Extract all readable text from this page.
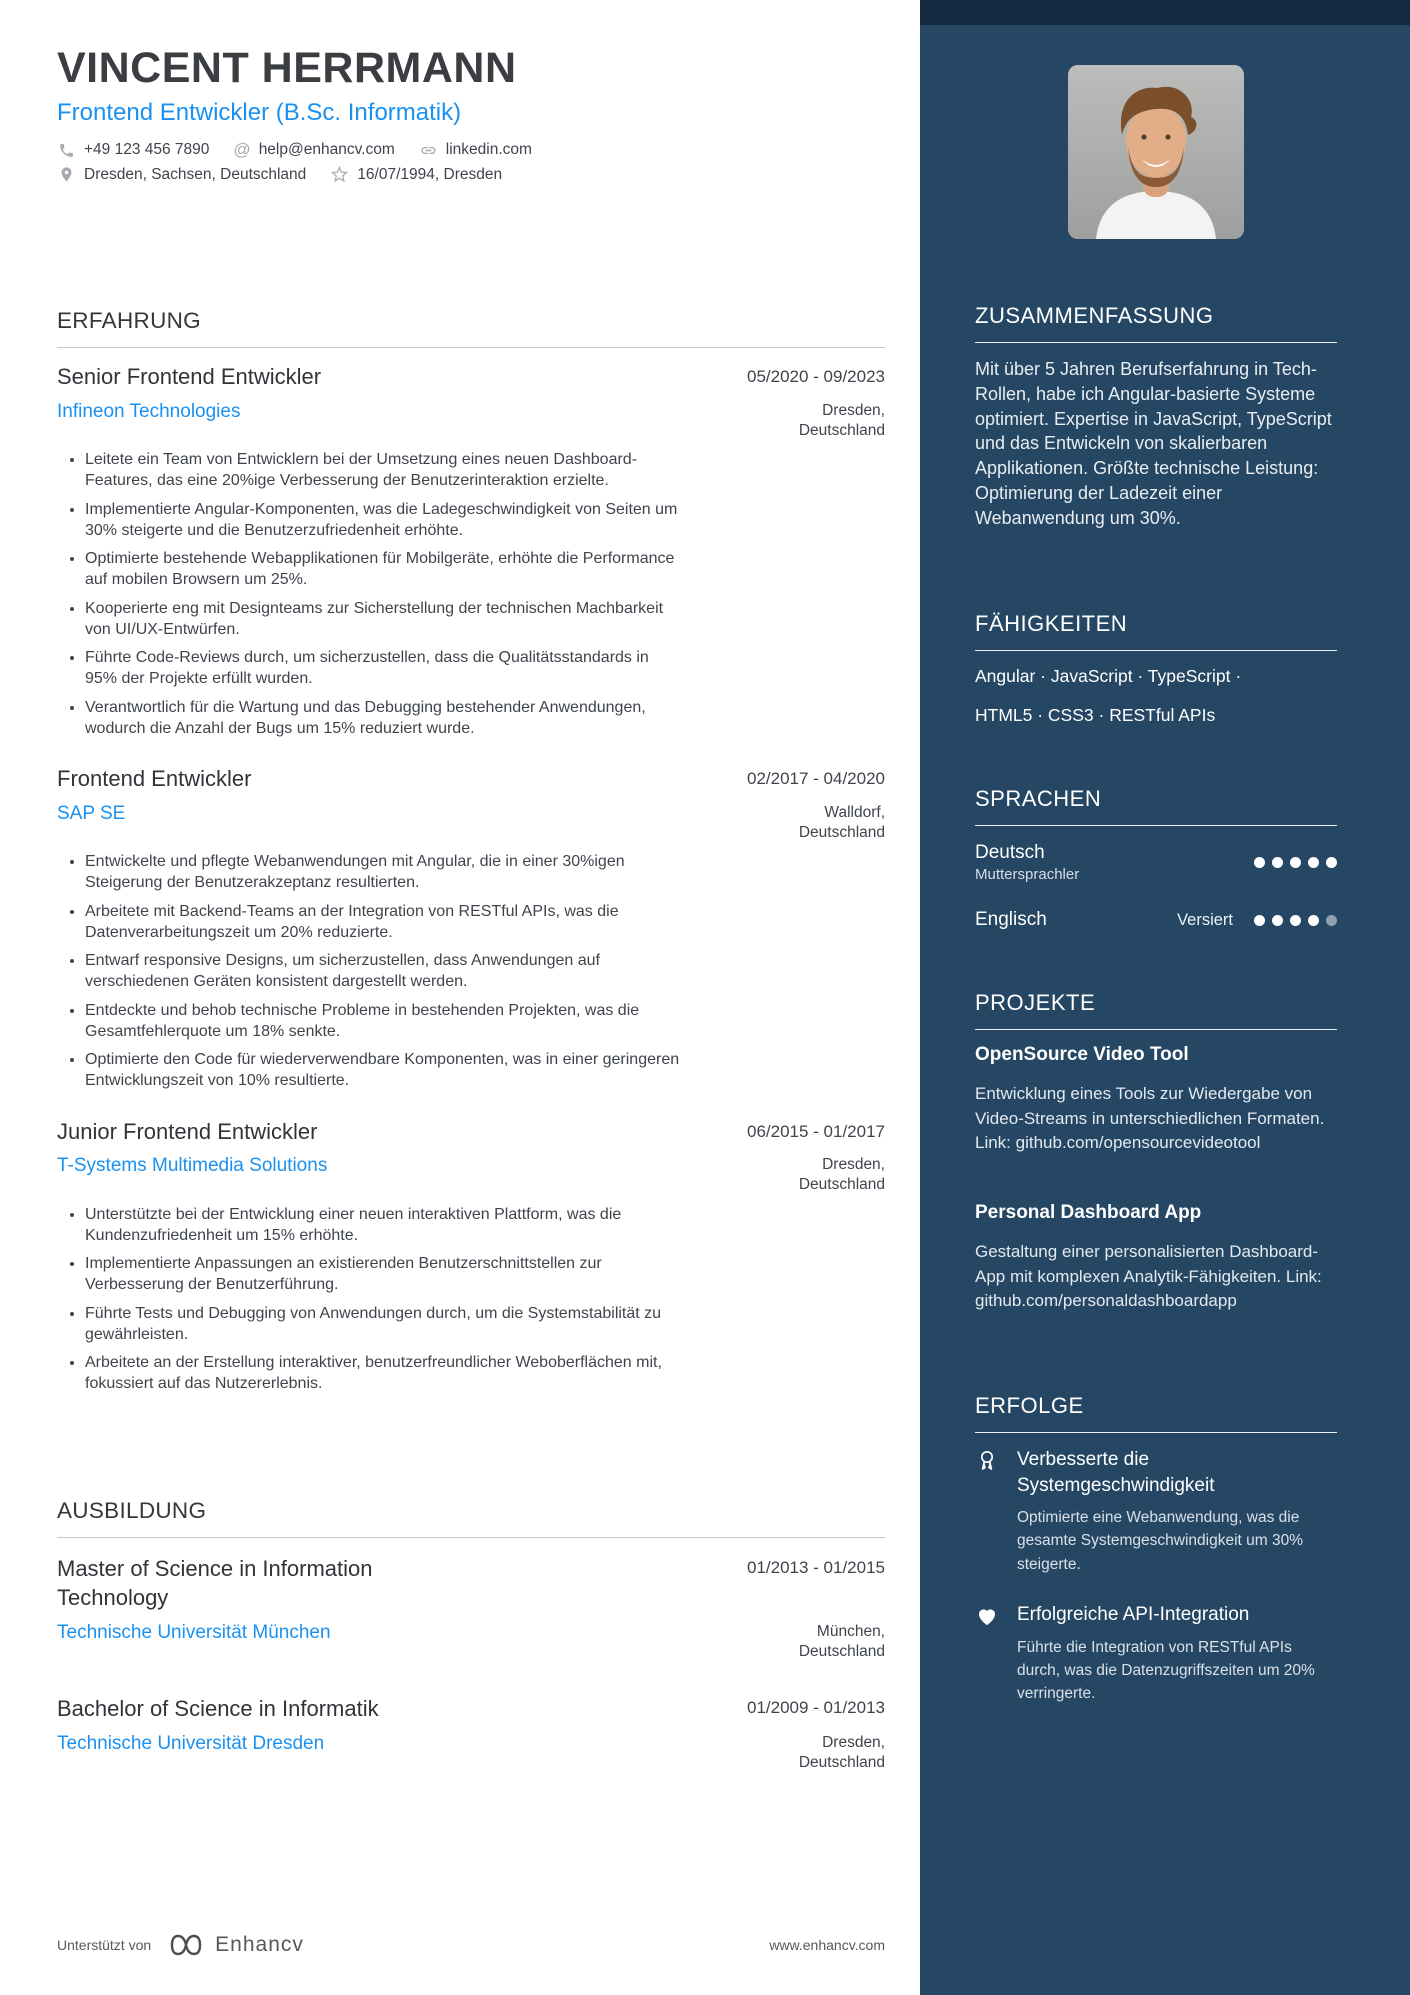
VINCENT HERRMANN
Frontend Entwickler (B.Sc. Informatik)
+49 123 456 7890 @ help@enhancv.com	linkedin.com
Dresden, Sachsen, Deutschland	16/07/1994, Dresden
ERFAHRUNG
Senior Frontend Entwickler	05/2020 - 09/2023
Infineon Technologies	Dresden, Deutschland
• Leitete ein Team von Entwicklern bei der Umsetzung eines neuen Dashboard-Features, das eine 20%ige Verbesserung der Benutzerinteraktion erzielte.
• Implementierte Angular-Komponenten, was die Ladegeschwindigkeit von Seiten um 30% steigerte und die Benutzerzufriedenheit erhöhte.
• Optimierte bestehende Webapplikationen für Mobilgeräte, erhöhte die Performance auf mobilen Browsern um 25%.
• Kooperierte eng mit Designteams zur Sicherstellung der technischen Machbarkeit von UI/UX-Entwürfen.
• Führte Code-Reviews durch, um sicherzustellen, dass die Qualitätsstandards in 95% der Projekte erfüllt wurden.
• Verantwortlich für die Wartung und das Debugging bestehender Anwendungen, wodurch die Anzahl der Bugs um 15% reduziert wurde.
Frontend Entwickler	02/2017 - 04/2020
SAP SE	Walldorf, Deutschland
• Entwickelte und pflegte Webanwendungen mit Angular, die in einer 30%igen Steigerung der Benutzerakzeptanz resultierten.
• Arbeitete mit Backend-Teams an der Integration von RESTful APIs, was die Datenverarbeitungszeit um 20% reduzierte.
• Entwarf responsive Designs, um sicherzustellen, dass Anwendungen auf verschiedenen Geräten konsistent dargestellt werden.
• Entdeckte und behob technische Probleme in bestehenden Projekten, was die Gesamtfehlerquote um 18% senkte.
• Optimierte den Code für wiederverwendbare Komponenten, was in einer geringeren Entwicklungszeit von 10% resultierte.
Junior Frontend Entwickler	06/2015 - 01/2017
T-Systems Multimedia Solutions	Dresden, Deutschland
• Unterstützte bei der Entwicklung einer neuen interaktiven Plattform, was die Kundenzufriedenheit um 15% erhöhte.
• Implementierte Anpassungen an existierenden Benutzerschnittstellen zur Verbesserung der Benutzerführung.
• Führte Tests und Debugging von Anwendungen durch, um die Systemstabilität zu gewährleisten.
• Arbeitete an der Erstellung interaktiver, benutzerfreundlicher Weboberflächen mit, fokussiert auf das Nutzererlebnis.
AUSBILDUNG
Master of Science in Information Technology
01/2013 - 01/2015
Technische Universität München	München, Deutschland
Bachelor of Science in Informatik	01/2009 - 01/2013
Technische Universität Dresden	Dresden, Deutschland
ZUSAMMENFASSUNG
Mit über 5 Jahren Berufserfahrung in Tech-Rollen, habe ich Angular-basierte Systeme optimiert. Expertise in JavaScript, TypeScript und das Entwickeln von skalierbaren Applikationen. Größte technische Leistung: Optimierung der Ladezeit einer Webanwendung um 30%.
FÄHIGKEITEN
Angular · JavaScript · TypeScript ·
HTML5 · CSS3 · RESTful APIs
SPRACHEN
Deutsch
Muttersprachler
Englisch	Versiert
PROJEKTE
OpenSource Video Tool
Entwicklung eines Tools zur Wiedergabe von Video-Streams in unterschiedlichen Formaten. Link: github.com/opensourcevideotool
Personal Dashboard App
Gestaltung einer personalisierten Dashboard-App mit komplexen Analytik-Fähigkeiten. Link: github.com/personaldashboardapp
ERFOLGE
Verbesserte die Systemgeschwindigkeit
Optimierte eine Webanwendung, was die gesamte Systemgeschwindigkeit um 30% steigerte.
Erfolgreiche API-Integration
Führte die Integration von RESTful APIs durch, was die Datenzugriffszeiten um 20% verringerte.
Unterstützt von	Enhancv	www.enhancv.com
